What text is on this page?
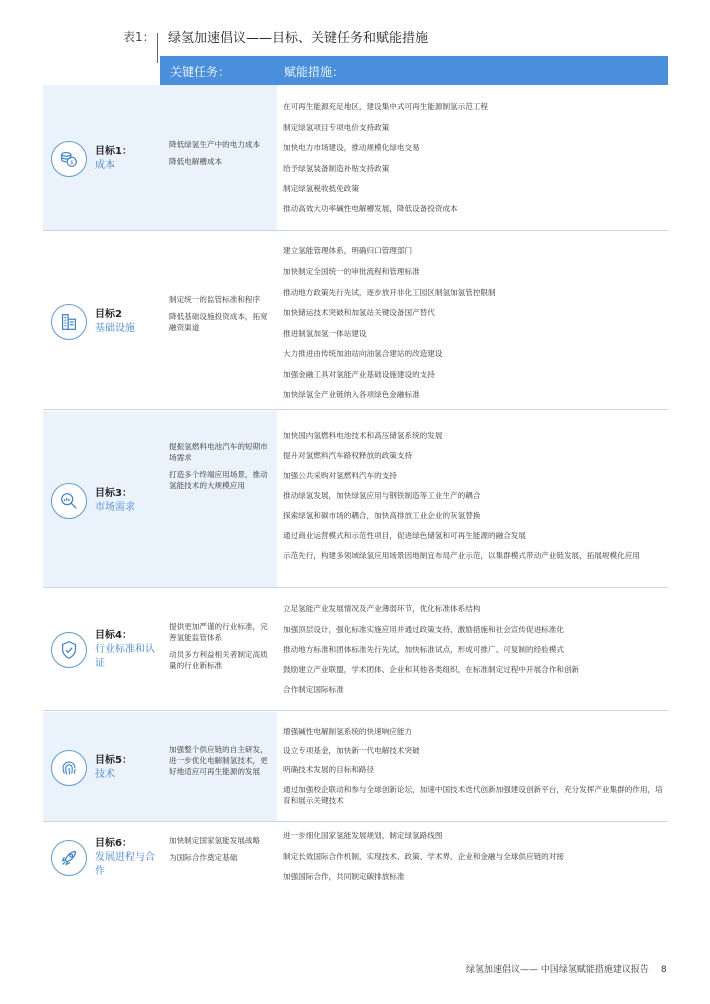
表1： 绿氢加速倡议——目标、关键任务和赋能措施
关键任务：	赋能措施：
$
目标1：
成本

降低绿氢生产中的电力成本

降低电解槽成本

在可再生能源充足地区，建设集中式可再生能源制氢示范工程

制定绿氢项目专项电价支持政策

加快电力市场建设，推动规模化绿电交易

给予绿氢装备制造补贴支持政策

制定绿氢税收抵免政策

推动高效大功率碱性电解槽发展，降低设备投资成本

目标2
基础设施

制定统一的监管标准和程序

降低基础设施投资成本，拓宽融资渠道

建立氢能管理体系，明确归口管理部门

加快制定全国统一的审批流程和管理标准

推动地方政策先行先试，逐步放开非化工园区制氢加氢管控限制

加快储运技术突破和加氢站关键设备国产替代

推进制氢加氢一体站建设

大力推进由传统加油站向油氢合建站的改造建设

加强金融工具对氢能产业基础设施建设的支持

加快绿氢全产业链纳入各项绿色金融标准

目标3：
市场需求

提振氢燃料电池汽车的短期市场需求

打造多个终端应用场景，推动氢能技术的大规模应用

加快国内氢燃料电池技术和高压储氢系统的发展

提升对氢燃料汽车路权释放的政策支持

加强公共采购对氢燃料汽车的支持

推动绿氢发展，加快绿氢应用与钢铁制造等工业生产的耦合

探索绿氢和碳市场的耦合，加快高排放工业企业的灰氢替换

通过商业运营模式和示范性项目，促进绿色储氢和可再生能源的融合发展

示范先行，构建多领域绿氢应用场景因地制宜布局产业示范，以集群模式带动产业链发展，拓展规模化应用

目标4：
行业标准和认证

提供更加严谨的行业标准，完善氢能监管体系

动员多方利益相关者制定高质量的行业新标准

立足氢能产业发展情况及产业薄弱环节，优化标准体系结构

加强顶层设计，强化标准实施应用并通过政策支持、激励措施和社会宣传促进标准化

推动地方标准和团体标准先行先试，加快标准试点，形成可推广、可复制的经验模式

鼓励建立产业联盟，学术团体、企业和其他各类组织，在标准制定过程中开展合作和创新

合作制定国际标准

目标5：
技术

加强整个供应链的自主研发，进一步优化电解制氢技术，更好地适应可再生能源的发展

增强碱性电解制氢系统的快速响应能力

设立专项基金，加快新一代电解技术突破

明确技术发展的目标和路径

通过加强校企联动和参与全球创新论坛，加速中国技术迭代创新加强建设创新平台，充分发挥产业集群的作用，培育和展示关键技术

目标6：
发展进程与合作

加快制定国家氢能发展战略

为国际合作奠定基础

进一步细化国家氢能发展规划，制定绿氢路线图

制定长效国际合作机制，实现技术、政策、学术界、企业和金融与全球供应链的对接

加强国际合作，共同制定碳排放标准

绿氢加速倡议—— 中国绿氢赋能措施建议报告 8
